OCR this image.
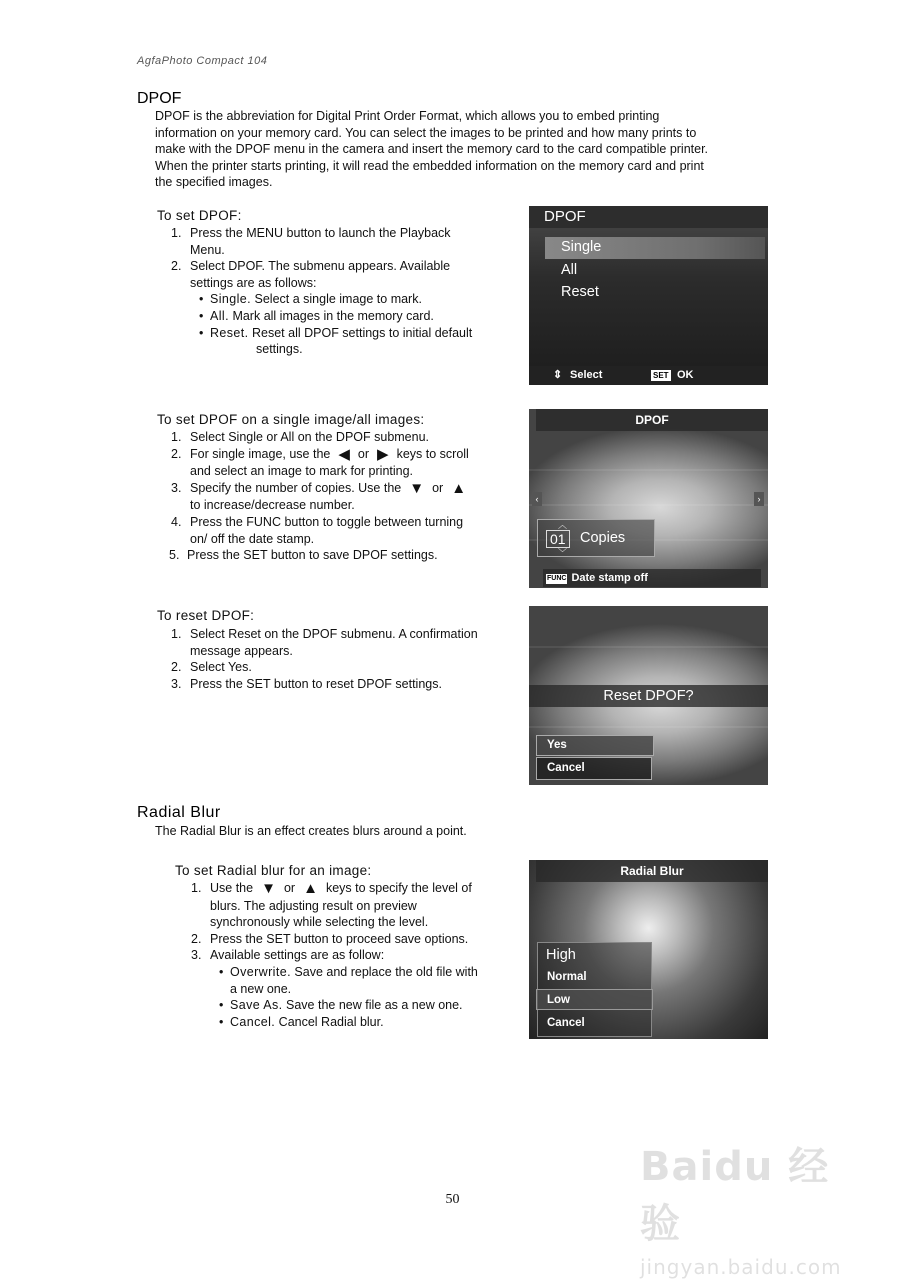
AgfaPhoto Compact 104
DPOF
DPOF is the abbreviation for Digital Print Order Format, which allows you to embed printing
information on your memory card. You can select the images to be printed and how many prints to
make with the DPOF menu in the camera and insert the memory card to the card compatible printer.
When the printer starts printing, it will read the embedded information on the memory card and print
the specified images.
To set DPOF:
1. Press the MENU button to launch the Playback
Menu.
2. Select DPOF. The submenu appears. Available
settings are as follows:
• Single. Select a single image to mark.
• All. Mark all images in the memory card.
• Reset. Reset all DPOF settings to initial default
settings.
DPOF
Single
All
Reset
⇕ Select	SET OK
To set DPOF on a single image/all images:
1. Select Single or All on the DPOF submenu.
2. For single image, use the ◀ or ▶ keys to scroll
and select an image to mark for printing.
3. Specify the number of copies. Use the ▼ or ▲
to increase/decrease number.
4. Press the FUNC button to toggle between turning
on/ off the date stamp.
5. Press the SET button to save DPOF settings.
DPOF
‹	›
︿
01 Copies
﹀
FUNC Date stamp off
To reset DPOF:
1. Select Reset on the DPOF submenu. A confirmation
message appears.
2. Select Yes.
3. Press the SET button to reset DPOF settings.
Reset DPOF?
Yes
Cancel
Radial Blur
The Radial Blur is an effect creates blurs around a point.
To set Radial blur for an image:
1. Use the ▼ or ▲ keys to specify the level of
blurs. The adjusting result on preview
synchronously while selecting the level.
2. Press the SET button to proceed save options.
3. Available settings are as follow:
• Overwrite. Save and replace the old file with
a new one.
• Save As. Save the new file as a new one.
• Cancel. Cancel Radial blur.
Radial Blur
High
Normal
Low
Cancel
50
Baidu 经验
jingyan.baidu.com
